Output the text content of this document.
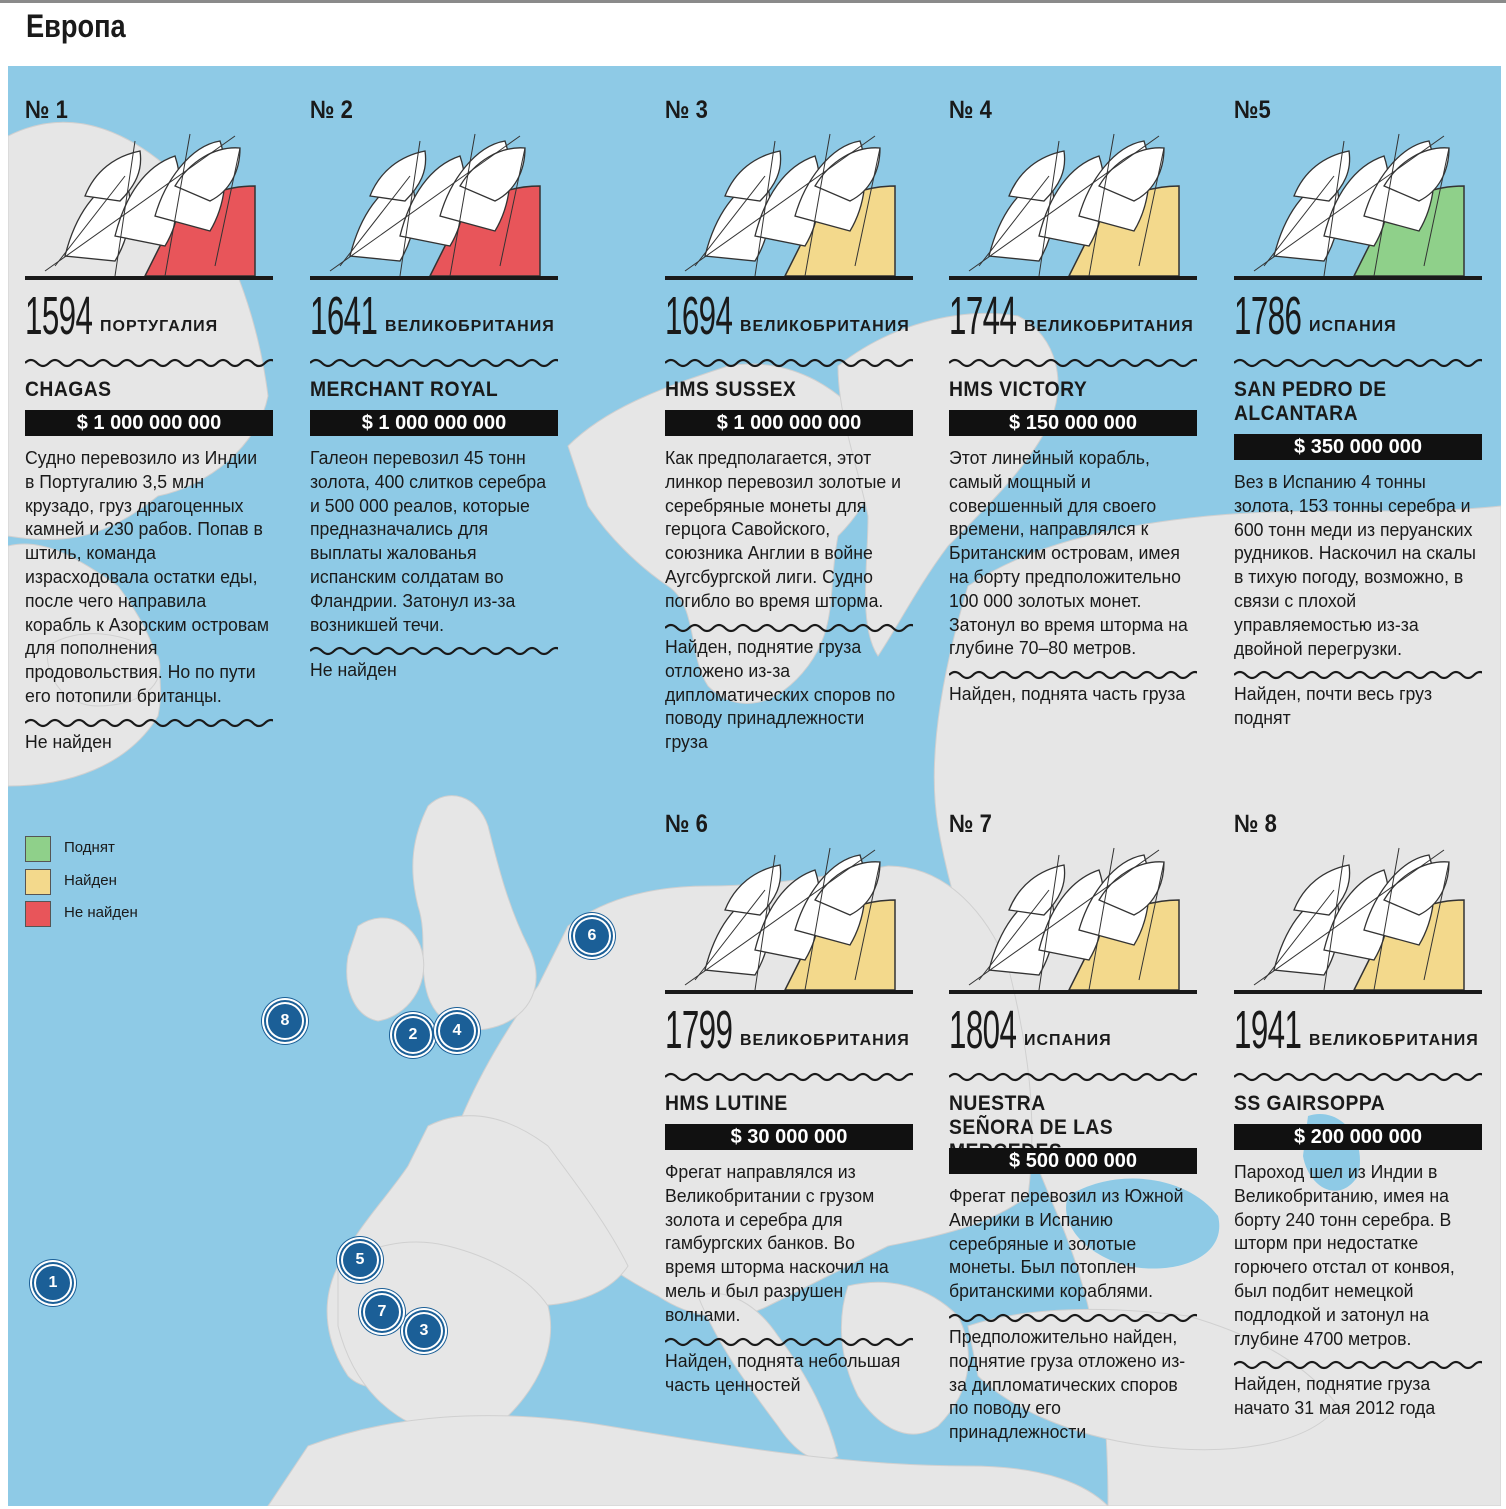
Европа
1
2
3
4
5
6
7
8
Поднят
Найден
Не найден
№ 1
1594 ПОРТУГАЛИЯ
CHAGAS
$ 1 000 000 000
Судно перевозило из Индии в Португалию 3,5 млн крузадо, груз драгоценных камней и 230 рабов. Попав в штиль, команда израсходовала остатки еды, после чего направила корабль к Азорским островам для пополнения продовольствия. Но по пути его потопили британцы.
Не найден
№ 2
1641 ВЕЛИКОБРИТАНИЯ
MERCHANT ROYAL
$ 1 000 000 000
Галеон перевозил 45 тонн золота, 400 слитков серебра и 500 000 реалов, которые предназначались для выплаты жалованья испанским солдатам во Фландрии. Затонул из-за возникшей течи.
Не найден
№ 3
1694 ВЕЛИКОБРИТАНИЯ
HMS SUSSEX
$ 1 000 000 000
Как предполагается, этот линкор перевозил золотые и серебряные монеты для герцога Савойского, союзника Англии в войне Аугсбургской лиги. Судно погибло во время шторма.
Найден, поднятие груза отложено из-за дипломатических споров по поводу принадлежности груза
№ 4
1744 ВЕЛИКОБРИТАНИЯ
HMS VICTORY
$ 150 000 000
Этот линейный корабль, самый мощный и совершенный для своего времени, направлялся к Британским островам, имея на борту предположительно 100 000 золотых монет. Затонул во время шторма на глубине 70–80 метров.
Найден, поднята часть груза
№5
1786 ИСПАНИЯ
SAN PEDRO DE ALCANTARA
$ 350 000 000
Вез в Испанию 4 тонны золота, 153 тонны серебра и 600 тонн меди из перуанских рудников. Наскочил на скалы в тихую погоду, возможно, в связи с плохой управляемостью из-за двойной перегрузки.
Найден, почти весь груз поднят
№ 6
1799 ВЕЛИКОБРИТАНИЯ
HMS LUTINE
$ 30 000 000
Фрегат направлялся из Великобритании с грузом золота и серебра для гамбургских банков. Во время шторма наскочил на мель и был разрушен волнами.
Найден, поднята небольшая часть ценностей
№ 7
1804 ИСПАНИЯ
NUESTRA SEÑORA DE LAS
$ 500 000 000
Фрегат перевозил из Южной Америки в Испанию серебряные и золотые монеты. Был потоплен британскими кораблями.
Предположительно найден, поднятие груза отложено из-за дипломатических споров по поводу его принадлежности
№ 8
1941 ВЕЛИКОБРИТАНИЯ
SS GAIRSOPPA
$ 200 000 000
Пароход шел из Индии в Великобританию, имея на борту 240 тонн серебра. В шторм при недостатке горючего отстал от конвоя, был подбит немецкой подлодкой и затонул на глубине 4700 метров.
Найден, поднятие груза начато 31 мая 2012 года
